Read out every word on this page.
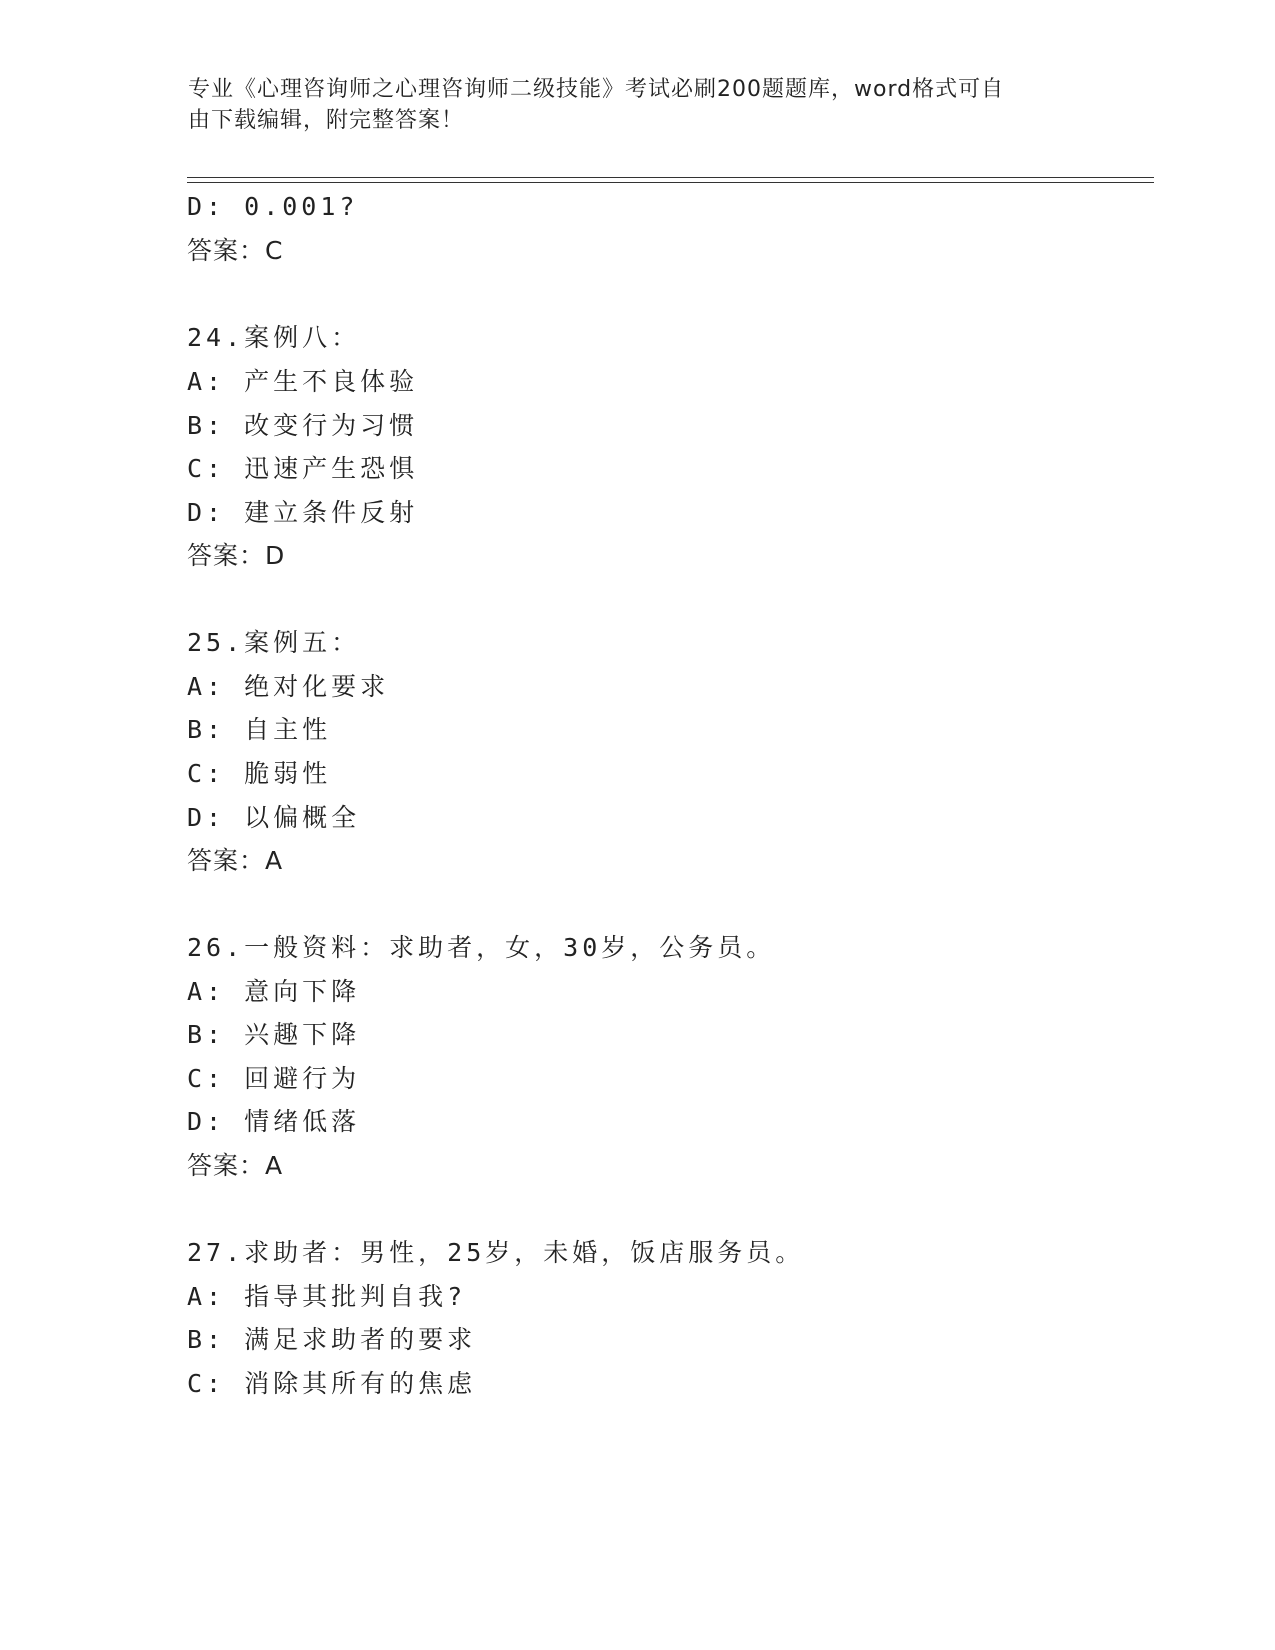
专业《心理咨询师之心理咨询师二级技能》考试必刷200题题库，word格式可自
由下载编辑，附完整答案！
D: 0.001?
答案：C
24.案例八：
A: 产生不良体验
B: 改变行为习惯
C: 迅速产生恐惧
D: 建立条件反射
答案：D
25.案例五：
A: 绝对化要求
B: 自主性
C: 脆弱性
D: 以偏概全
答案：A
26.一般资料：求助者，女，30岁，公务员。
A: 意向下降
B: 兴趣下降
C: 回避行为
D: 情绪低落
答案：A
27.求助者：男性，25岁，未婚，饭店服务员。
A: 指导其批判自我?
B: 满足求助者的要求
C: 消除其所有的焦虑
